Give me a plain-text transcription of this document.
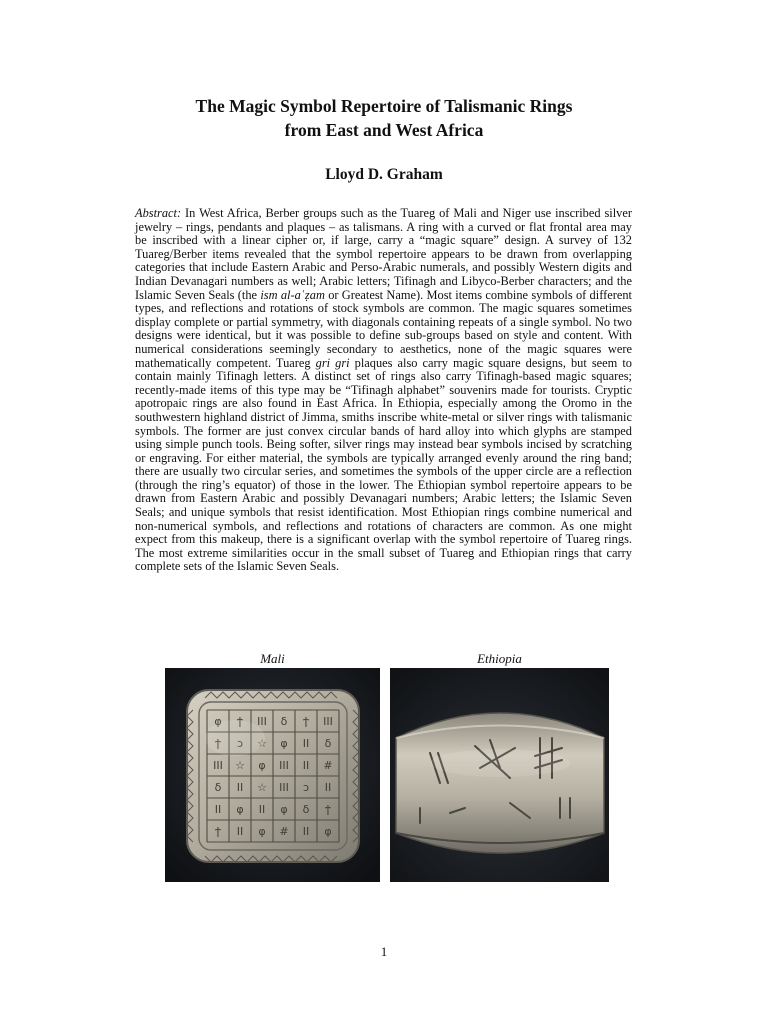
The Magic Symbol Repertoire of Talismanic Rings
from East and West Africa
Lloyd D. Graham

Abstract: In West Africa, Berber groups such as the Tuareg of Mali and Niger use inscribed silver jewelry – rings, pendants and plaques – as talismans. A ring with a curved or flat frontal area may be inscribed with a linear cipher or, if large, carry a “magic square” design. A survey of 132 Tuareg/Berber items revealed that the symbol repertoire appears to be drawn from overlapping categories that include Eastern Arabic and Perso-Arabic numerals, and possibly Western digits and Indian Devanagari numbers as well; Arabic letters; Tifinagh and Libyco-Berber characters; and the Islamic Seven Seals (the ism al-aʿẓam or Greatest Name). Most items combine symbols of different types, and reflections and rotations of stock symbols are common. The magic squares sometimes display complete or partial symmetry, with diagonals containing repeats of a single symbol. No two designs were identical, but it was possible to define sub-groups based on style and content. With numerical considerations seemingly secondary to aesthetics, none of the magic squares were mathematically competent. Tuareg gri gri plaques also carry magic square designs, but seem to contain mainly Tifinagh letters. A distinct set of rings also carry Tifinagh-based magic squares; recently-made items of this type may be “Tifinagh alphabet” souvenirs made for tourists. Cryptic apotropaic rings are also found in East Africa. In Ethiopia, especially among the Oromo in the southwestern highland district of Jimma, smiths inscribe white-metal or silver rings with talismanic symbols. The former are just convex circular bands of hard alloy into which glyphs are stamped using simple punch tools. Being softer, silver rings may instead bear symbols incised by scratching or engraving. For either material, the symbols are typically arranged evenly around the ring band; there are usually two circular series, and sometimes the symbols of the upper circle are a reflection (through the ring’s equator) of those in the lower. The Ethiopian symbol repertoire appears to be drawn from Eastern Arabic and possibly Devanagari numbers; Arabic letters; the Islamic Seven Seals; and unique symbols that resist identification. Most Ethiopian rings combine numerical and non-numerical symbols, and reflections and rotations of characters are common. As one might expect from this makeup, there is a significant overlap with the symbol repertoire of Tuareg rings. The most extreme similarities occur in the small subset of Tuareg and Ethiopian rings that carry complete sets of the Islamic Seven Seals.

Mali	Ethiopia
φ ϯ ΙΙΙ δ ϯ ΙΙΙ
ϯ ↄ ☆ φ ΙΙ δ
ΙΙΙ ☆ φ ΙΙΙ ΙΙ #
δ ΙΙ ☆ ΙΙΙ ↄ ΙΙ
ΙΙ φ ΙΙ φ δ ϯ
ϯ ΙΙ φ # ΙΙ φ
1
